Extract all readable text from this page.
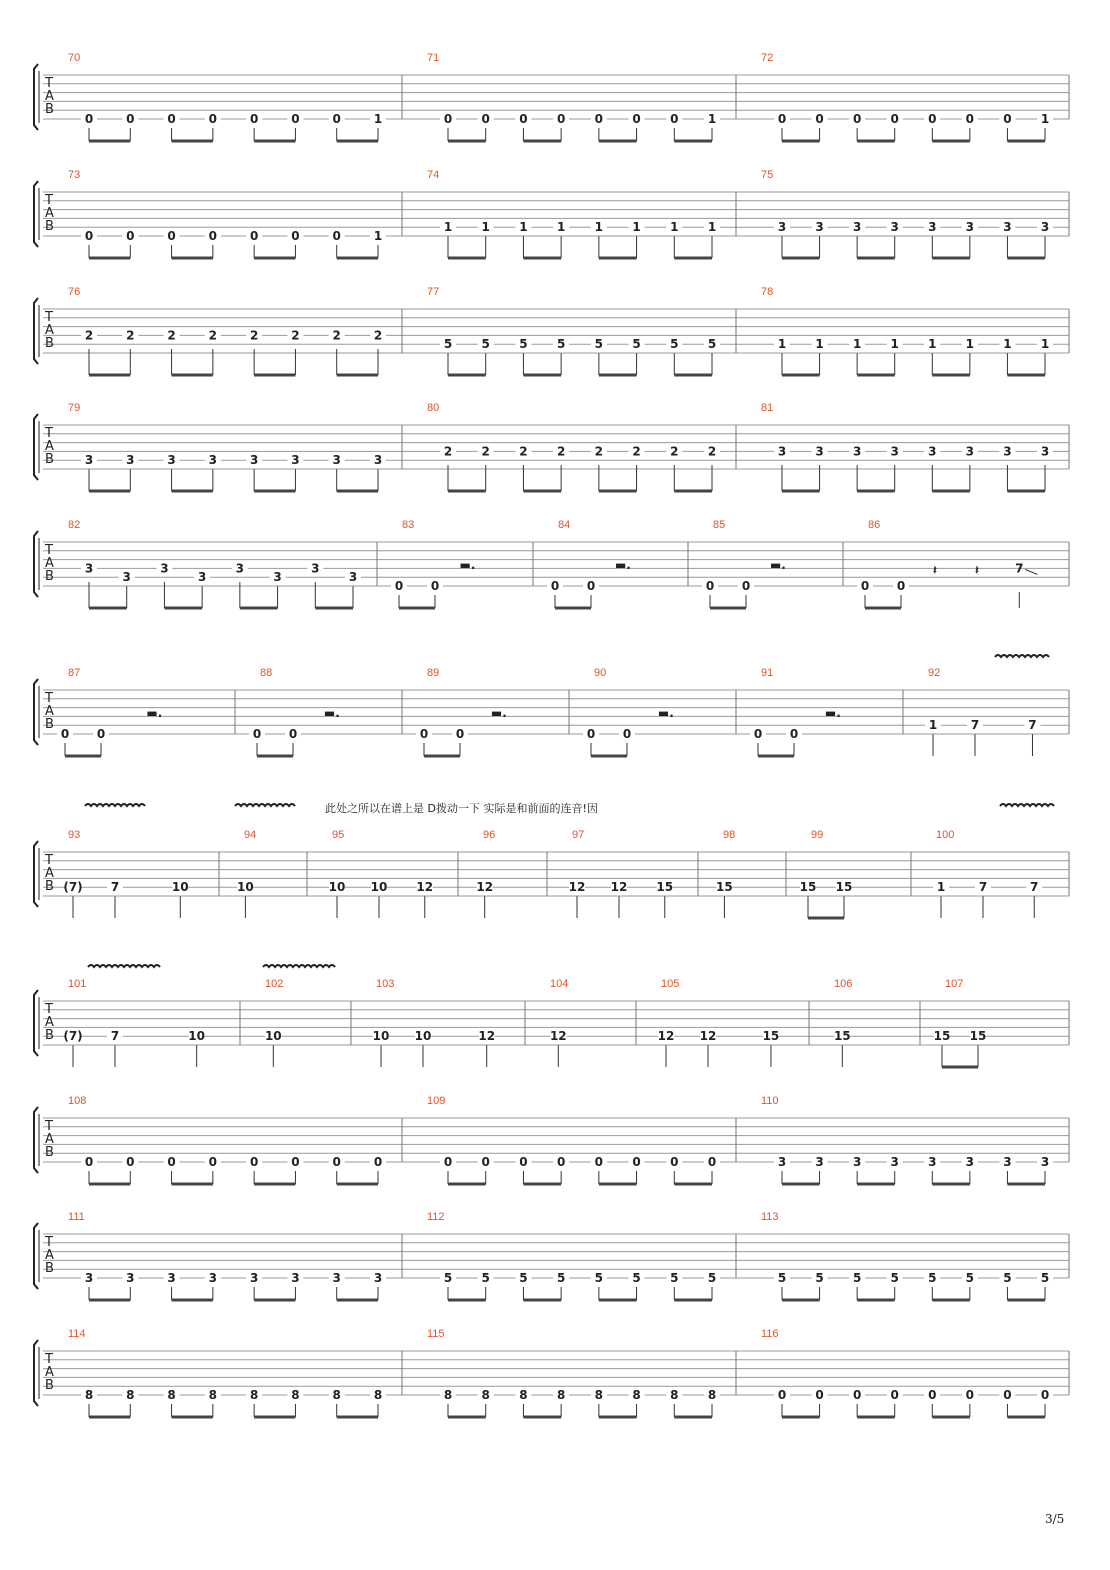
T
A
B
70
0	0	0	0	0	0	0	1
71
0 0 0 0 0 0 0 1
72
0 0 0 0 0 0 0 1
T
A
B
73
0	0	0	0	0	0	0	1
74
1 1 1 1 1 1 1 1
75
3 3 3 3 3 3 3 3
T
A
B
76
2	2	2	2	2	2	2	2
77
5 5 5 5 5 5 5 5
78
1 1 1 1 1 1 1 1
T
A
B
79
3	3	3	3	3	3	3	3
80
2 2 2 2 2 2 2 2
81
3 3 3 3 3 3 3 3
T
A
B
82
3
3
3
3
3
3
3
3
83
0 0
▬.
84
0 0
▬.
85
0 0
▬.
86
0 0
𝄽	𝄽	7
T
A
B
87
0 0
▬.
88
0 0
▬.
89
0 0
▬.
90
0 0
▬.
91
0 0
▬.
92
1	7	7
T
A
B
93
(7) 7	10
94
10
95
10 10 12
96
12
97
12 12 15
98
15
99
15 15
100
1	7	7
T
A
B
101
(7) 7	10
102
10
103
10 10	12
104
12
105
12 12	15
106
15
107
15 15
T
A
B
108
0	0	0	0	0	0	0	0
109
0 0 0 0 0 0 0 0
110
3 3 3 3 3 3 3 3
T
A
B
111
3	3	3	3	3	3	3	3
112
5 5 5 5 5 5 5 5
113
5 5 5 5 5 5 5 5
T
A
B
114
8	8	8	8	8	8	8	8
115
8 8 8 8 8 8 8 8
116
0 0 0 0 0 0 0 0
此处之所以在谱上是 D拨动一下 实际是和前面的连音!因
3/5
